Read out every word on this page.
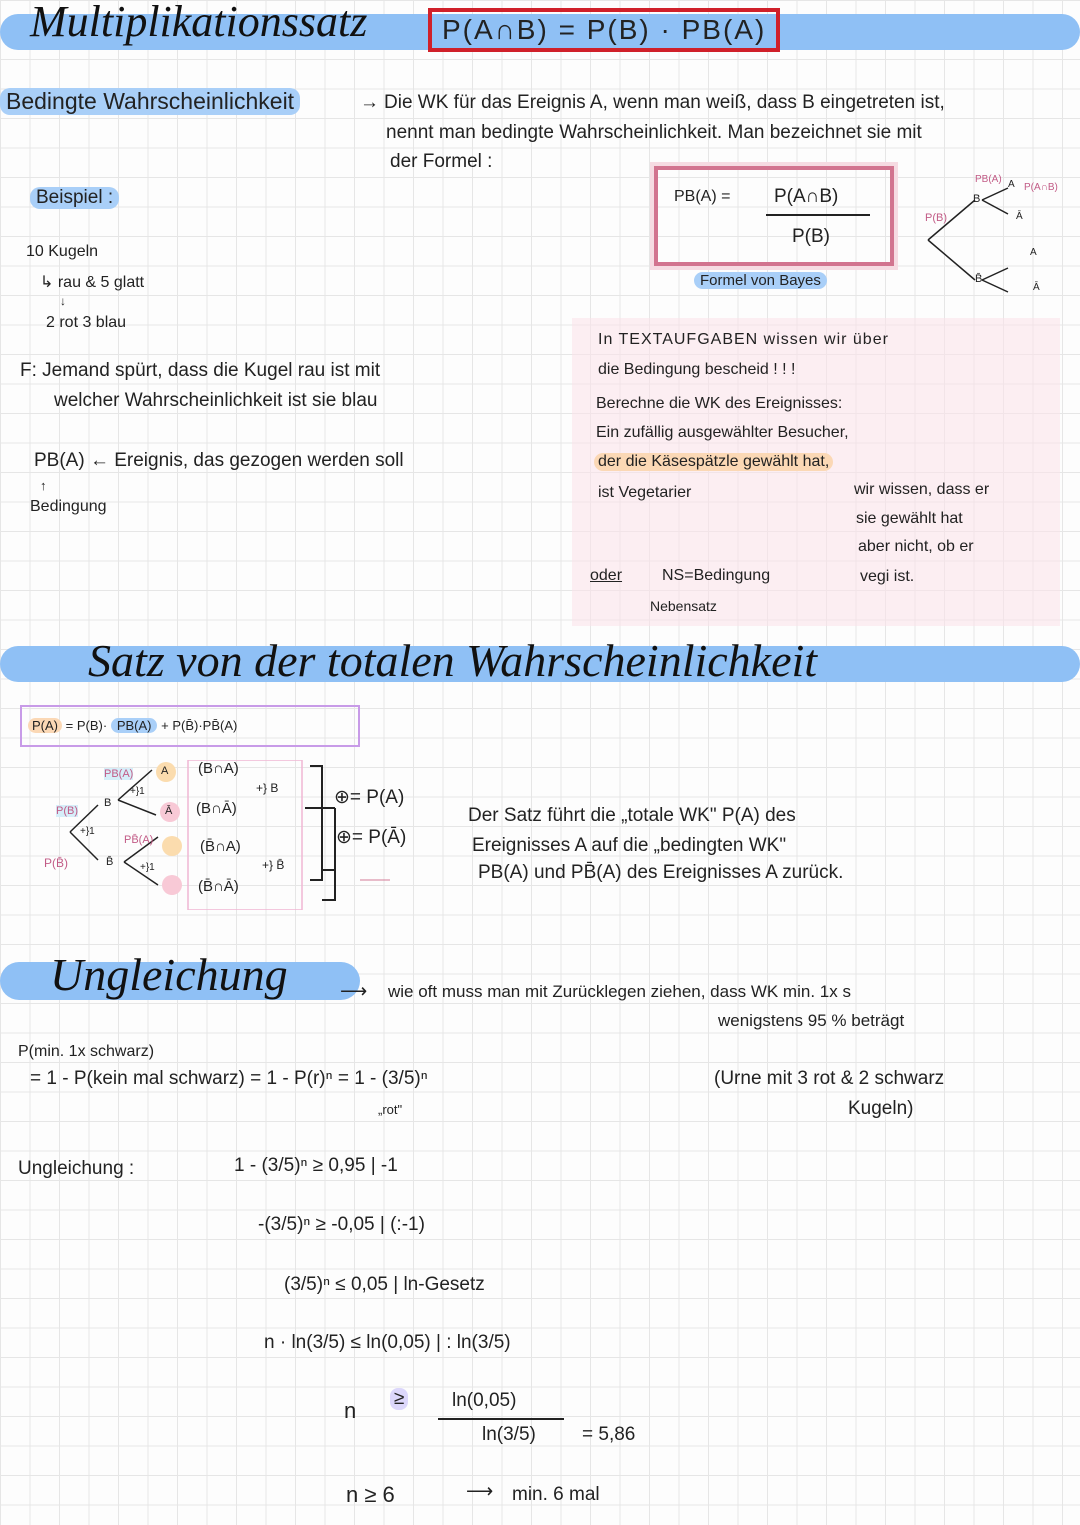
Multiplikationssatz	P(A∩B) = P(B) · PB(A)
Bedingte Wahrscheinlichkeit	→ Die WK für das Ereignis A, wenn man weiß, dass B eingetreten ist,
nennt man bedingte Wahrscheinlichkeit. Man bezeichnet sie mit
der Formel :
PB(A) = P(A∩B)
P(B)
Formel von Bayes
P(B)
PB(A)
P(A∩B)
B
B̄
A
Ā
A
Ā
Beispiel :
10 Kugeln
↳ rau & 5 glatt
↓
2 rot 3 blau
F: Jemand spürt, dass die Kugel rau ist mit
welcher Wahrscheinlichkeit ist sie blau
PB(A) ← Ereignis, das gezogen werden soll
↑
Bedingung
In TEXTAUFGABEN wissen wir über
die Bedingung bescheid ! ! !
Berechne die WK des Ereignisses:
Ein zufällig ausgewählter Besucher,
der die Käsespätzle gewählt hat,
ist Vegetarier	wir wissen, dass er
sie gewählt hat
aber nicht, ob er
vegi ist.
oder NS=Bedingung
Nebensatz
Satz von der totalen Wahrscheinlichkeit
P(A) = P(B)· PB(A) + P(B̄)·PB̄(A)
P(B)
P(B̄)
PB(A)
PB̄(A)
B
B̄
A
Ā
+}1
+}1
+}1
(B∩A)
(B∩Ā)
(B̄∩A)
(B̄∩Ā)
+} B
+} B̄
⊕= P(A)
⊕= P(Ā)
Der Satz führt die „totale WK" P(A) des
Ereignisses A auf die „bedingten WK"
PB(A) und PB̄(A) des Ereignisses A zurück.
Ungleichung	⟶ wie oft muss man mit Zurücklegen ziehen, dass WK min. 1x s
wenigstens 95 % beträgt
P(min. 1x schwarz)
= 1 - P(kein mal schwarz) = 1 - P(r)ⁿ = 1 - (3/5)ⁿ
„rot"
(Urne mit 3 rot & 2 schwarz
Kugeln)
Ungleichung :	1 - (3/5)ⁿ ≥ 0,95 | -1
-(3/5)ⁿ ≥ -0,05 | (:-1)
(3/5)ⁿ ≤ 0,05 | ln-Gesetz
n · ln(3/5) ≤ ln(0,05) | : ln(3/5)
n ≥	ln(0,05)
ln(3/5) = 5,86
n ≥ 6	⟶ min. 6 mal
